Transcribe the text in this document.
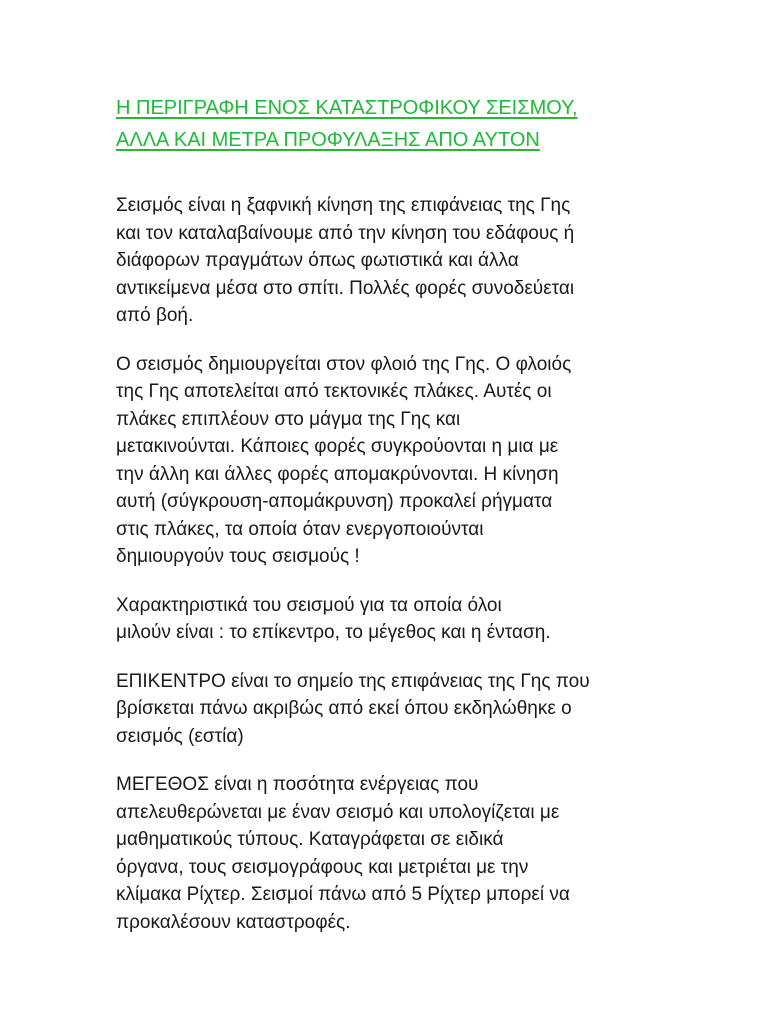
Η ΠΕΡΙΓΡΑΦΗ ΕΝΟΣ ΚΑΤΑΣΤΡΟΦΙΚΟΥ ΣΕΙΣΜΟΥ,
ΑΛΛΑ ΚΑΙ ΜΕΤΡΑ ΠΡΟΦΥΛΑΞΗΣ ΑΠΟ ΑΥΤΟΝ

Σεισμός είναι η ξαφνική κίνηση της επιφάνειας της Γης
και τον καταλαβαίνουμε από την κίνηση του εδάφους ή
διάφορων πραγμάτων όπως φωτιστικά και άλλα
αντικείμενα μέσα στο σπίτι. Πολλές φορές συνοδεύεται
από βοή.

Ο σεισμός δημιουργείται στον φλοιό της Γης. Ο φλοιός
της Γης αποτελείται από τεκτονικές πλάκες. Αυτές οι
πλάκες επιπλέουν στο μάγμα της Γης και
μετακινούνται. Κάποιες φορές συγκρούονται η μια με
την άλλη και άλλες φορές απομακρύνονται. Η κίνηση
αυτή (σύγκρουση-απομάκρυνση) προκαλεί ρήγματα
στις πλάκες, τα οποία όταν ενεργοποιούνται
δημιουργούν τους σεισμούς !

Χαρακτηριστικά του σεισμού για τα οποία όλοι
μιλούν είναι : το επίκεντρο, το μέγεθος και η ένταση.

ΕΠΙΚΕΝΤΡΟ είναι το σημείο της επιφάνειας της Γης που
βρίσκεται πάνω ακριβώς από εκεί όπου εκδηλώθηκε ο
σεισμός (εστία)

ΜΕΓΕΘΟΣ είναι η ποσότητα ενέργειας που
απελευθερώνεται με έναν σεισμό και υπολογίζεται με
μαθηματικούς τύπους. Καταγράφεται σε ειδικά
όργανα, τους σεισμογράφους και μετριέται με την
κλίμακα Ρίχτερ. Σεισμοί πάνω από 5 Ρίχτερ μπορεί να
προκαλέσουν καταστροφές.
